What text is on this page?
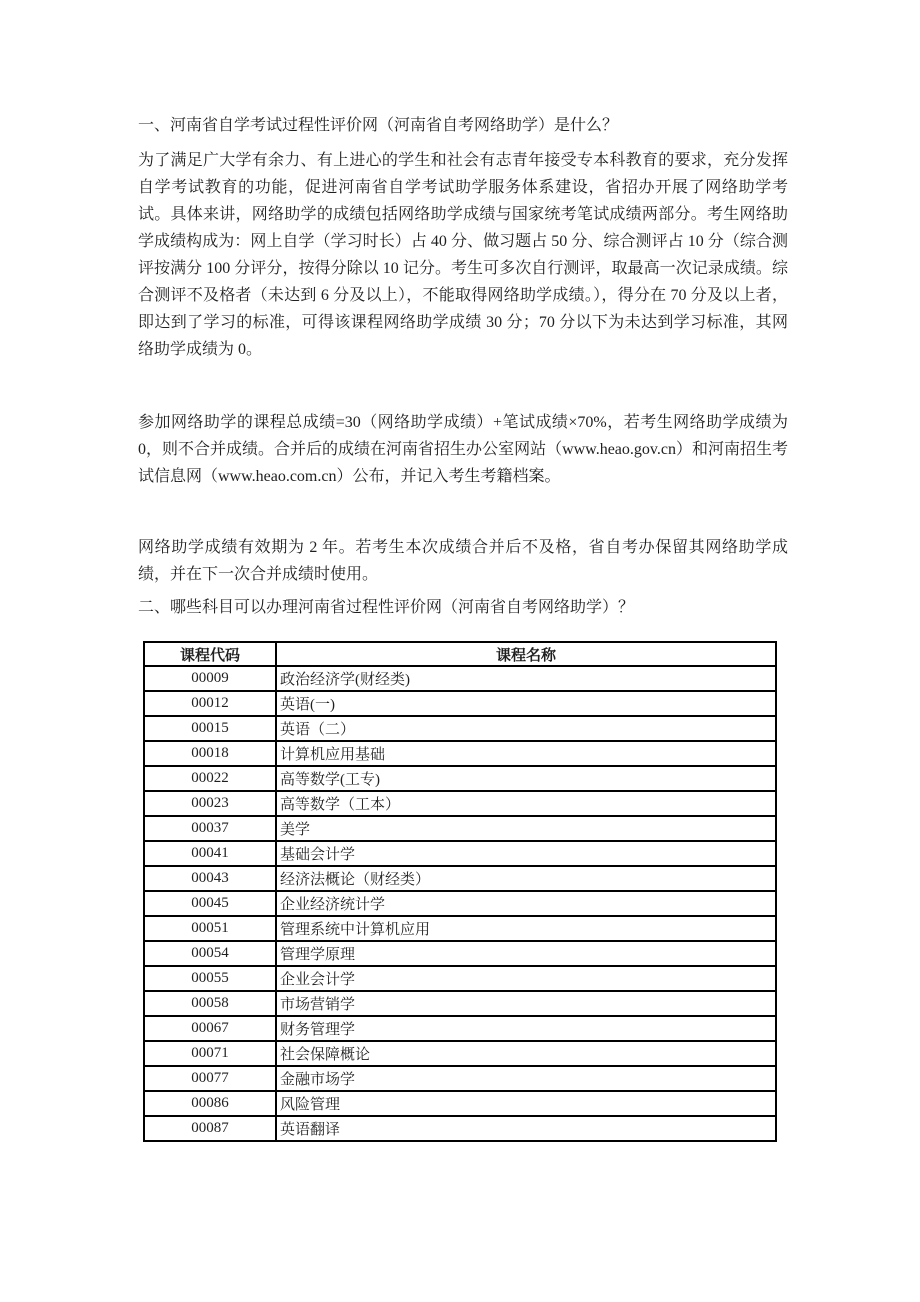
一、河南省自学考试过程性评价网（河南省自考网络助学）是什么？
为了满足广大学有余力、有上进心的学生和社会有志青年接受专本科教育的要求，充分发挥自学考试教育的功能，促进河南省自学考试助学服务体系建设，省招办开展了网络助学考试。具体来讲，网络助学的成绩包括网络助学成绩与国家统考笔试成绩两部分。考生网络助学成绩构成为：网上自学（学习时长）占 40 分、做习题占 50 分、综合测评占 10 分（综合测评按满分 100 分评分，按得分除以 10 记分。考生可多次自行测评，取最高一次记录成绩。综合测评不及格者（未达到 6 分及以上），不能取得网络助学成绩。），得分在 70 分及以上者，即达到了学习的标准，可得该课程网络助学成绩 30 分；70 分以下为未达到学习标准，其网络助学成绩为 0。
参加网络助学的课程总成绩=30（网络助学成绩）+笔试成绩×70%，若考生网络助学成绩为 0，则不合并成绩。合并后的成绩在河南省招生办公室网站（www.heao.gov.cn）和河南招生考试信息网（www.heao.com.cn）公布，并记入考生考籍档案。
网络助学成绩有效期为 2 年。若考生本次成绩合并后不及格，省自考办保留其网络助学成绩，并在下一次合并成绩时使用。
二、哪些科目可以办理河南省过程性评价网（河南省自考网络助学）？
课程代码	课程名称
00009	政治经济学(财经类)
00012	英语(一)
00015	英语（二）
00018	计算机应用基础
00022	高等数学(工专)
00023	高等数学（工本）
00037	美学
00041	基础会计学
00043	经济法概论（财经类）
00045	企业经济统计学
00051	管理系统中计算机应用
00054	管理学原理
00055	企业会计学
00058	市场营销学
00067	财务管理学
00071	社会保障概论
00077	金融市场学
00086	风险管理
00087	英语翻译
